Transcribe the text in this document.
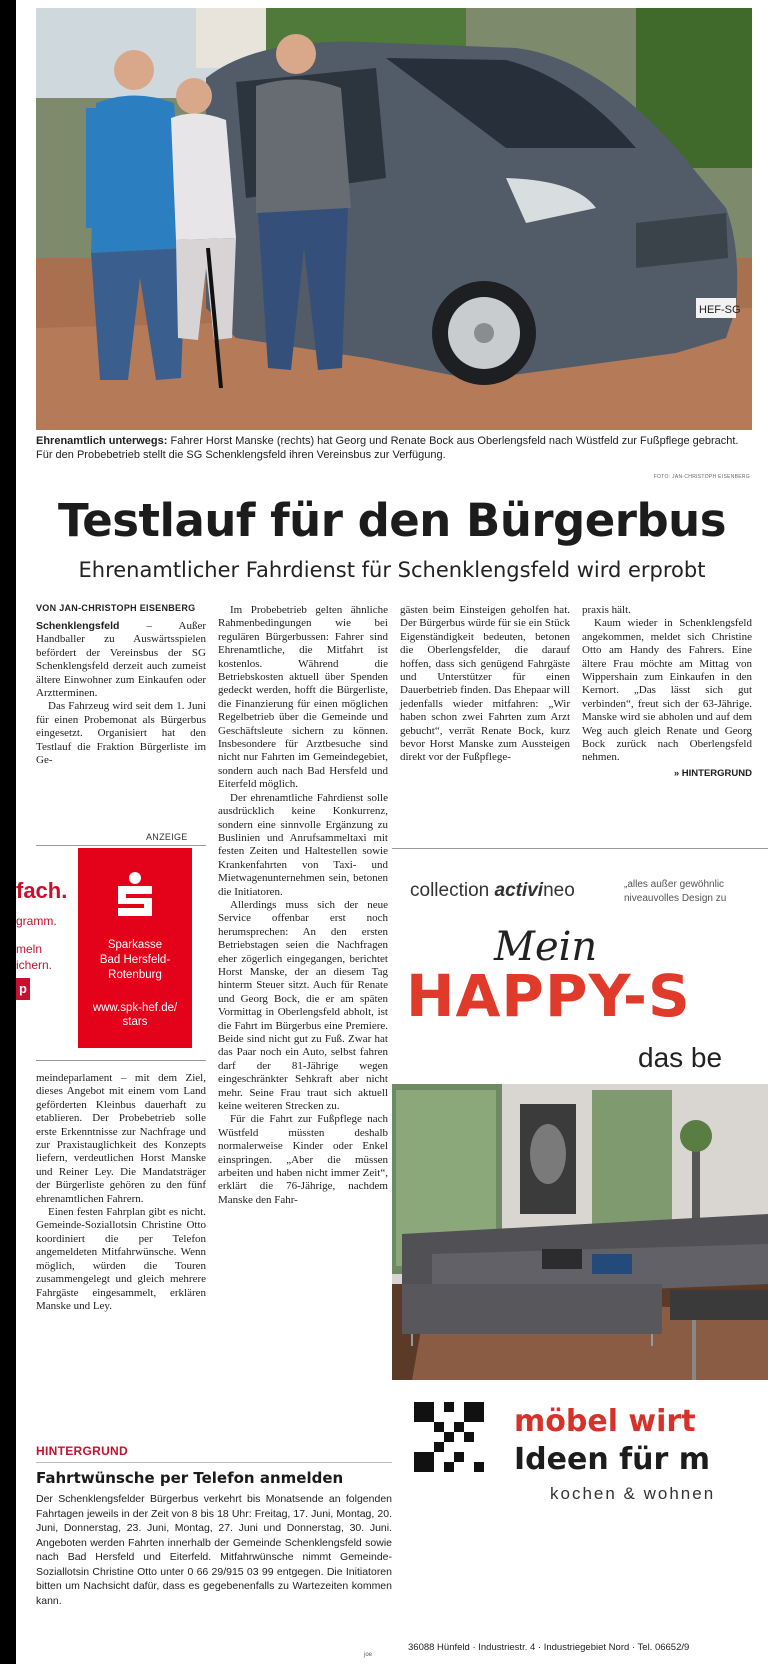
HEF-SG
Ehrenamtlich unterwegs: Fahrer Horst Manske (rechts) hat Georg und Renate Bock aus Oberlengsfeld nach Wüstfeld zur Fußpflege gebracht. Für den Probebetrieb stellt die SG Schenklengsfeld ihren Vereinsbus zur Verfügung.
FOTO: JAN-CHRISTOPH EISENBERG
Testlauf für den Bürgerbus
Ehrenamtlicher Fahrdienst für Schenklengsfeld wird erprobt
VON JAN-CHRISTOPH EISENBERG

Schenklengsfeld – Außer Handballer zu Auswärtsspielen befördert der Vereinsbus der SG Schenklengsfeld derzeit auch zumeist ältere Einwohner zum Einkaufen oder Arztterminen.

Das Fahrzeug wird seit dem 1. Juni für einen Probemonat als Bürgerbus eingesetzt. Organisiert hat den Testlauf die Fraktion Bürgerliste im Ge-

ANZEIGE
fach.
gramm.
meln
ichern.
p
S
Sparkasse
Bad Hersfeld-
Rotenburg
www.spk-hef.de/
stars

meindeparlament – mit dem Ziel, dieses Angebot mit einem vom Land geförderten Kleinbus dauerhaft zu etablieren. Der Probebetrieb solle erste Erkenntnisse zur Nachfrage und zur Praxistauglichkeit des Konzepts liefern, verdeutlichen Horst Manske und Reiner Ley. Die Mandatsträger der Bürgerliste gehören zu den fünf ehrenamtlichen Fahrern.

Einen festen Fahrplan gibt es nicht. Gemeinde-Soziallotsin Christine Otto koordiniert die per Telefon angemeldeten Mitfahrwünsche. Wenn möglich, würden die Touren zusammengelegt und gleich mehrere Fahrgäste eingesammelt, erklären Manske und Ley.

Im Probebetrieb gelten ähnliche Rahmenbedingungen wie bei regulären Bürgerbussen: Fahrer sind Ehrenamtliche, die Mitfahrt ist kostenlos. Während die Betriebskosten aktuell über Spenden gedeckt werden, hofft die Bürgerliste, die Finanzierung für einen möglichen Regelbetrieb über die Gemeinde und Geschäftsleute sichern zu können. Insbesondere für Arztbesuche sind nicht nur Fahrten im Gemeindegebiet, sondern auch nach Bad Hersfeld und Eiterfeld möglich.

Der ehrenamtliche Fahrdienst solle ausdrücklich keine Konkurrenz, sondern eine sinnvolle Ergänzung zu Buslinien und Anrufsammeltaxi mit festen Zeiten und Haltestellen sowie Krankenfahrten von Taxi- und Mietwagenunternehmen sein, betonen die Initiatoren.

Allerdings muss sich der neue Service offenbar erst noch herumsprechen: An den ersten Betriebstagen seien die Nachfragen eher zögerlich eingegangen, berichtet Horst Manske, der an diesem Tag hinterm Steuer sitzt. Auch für Renate und Georg Bock, die er am späten Vormittag in Oberlengsfeld abholt, ist die Fahrt im Bürgerbus eine Premiere. Beide sind nicht gut zu Fuß. Zwar hat das Paar noch ein Auto, selbst fahren darf der 81-Jährige wegen eingeschränkter Sehkraft aber nicht mehr. Seine Frau traut sich aktuell keine weiteren Strecken zu.

Für die Fahrt zur Fußpflege nach Wüstfeld müssten deshalb normalerweise Kinder oder Enkel einspringen. „Aber die müssen arbeiten und haben nicht immer Zeit“, erklärt die 76-Jährige, nachdem Manske den Fahr-

gästen beim Einsteigen geholfen hat. Der Bürgerbus würde für sie ein Stück Eigenständigkeit bedeuten, betonen die Oberlengsfelder, die darauf hoffen, dass sich genügend Fahrgäste und Unterstützer für einen Dauerbetrieb finden. Das Ehepaar will jedenfalls wieder mitfahren: „Wir haben schon zwei Fahrten zum Arzt gebucht“, verrät Renate Bock, kurz bevor Horst Manske zum Aussteigen direkt vor der Fußpflege-

praxis hält.

Kaum wieder in Schenklengsfeld angekommen, meldet sich Christine Otto am Handy des Fahrers. Eine ältere Frau möchte am Mittag von Wippershain zum Einkaufen in den Kernort. „Das lässt sich gut verbinden“, freut sich der 63-Jährige. Manske wird sie abholen und auf dem Weg auch gleich Renate und Georg Bock zurück nach Oberlengsfeld nehmen.

» HINTERGRUND
HINTERGRUND
Fahrtwünsche per Telefon anmelden
Der Schenklengsfelder Bürgerbus verkehrt bis Monatsende an folgenden Fahrtagen jeweils in der Zeit von 8 bis 18 Uhr: Freitag, 17. Juni, Montag, 20. Juni, Donnerstag, 23. Juni, Montag, 27. Juni und Donnerstag, 30. Juni. Angeboten werden Fahrten innerhalb der Gemeinde Schenklengsfeld sowie nach Bad Hersfeld und Eiterfeld. Mitfahrwünsche nimmt Gemeinde-Soziallotsin Christine Otto unter 0 66 29/915 03 99 entgegen. Die Initiatoren bitten um Nachsicht dafür, dass es gegebenenfalls zu Wartezeiten kommen kann.
joe
collection activineo	„alles außer gewöhnlic
niveauvolles Design zu
Mein
HAPPY-S
das be
möbel wirt
Ideen für m
kochen & wohnen
36088 Hünfeld · Industriestr. 4 · Industriegebiet Nord · Tel. 06652/9
